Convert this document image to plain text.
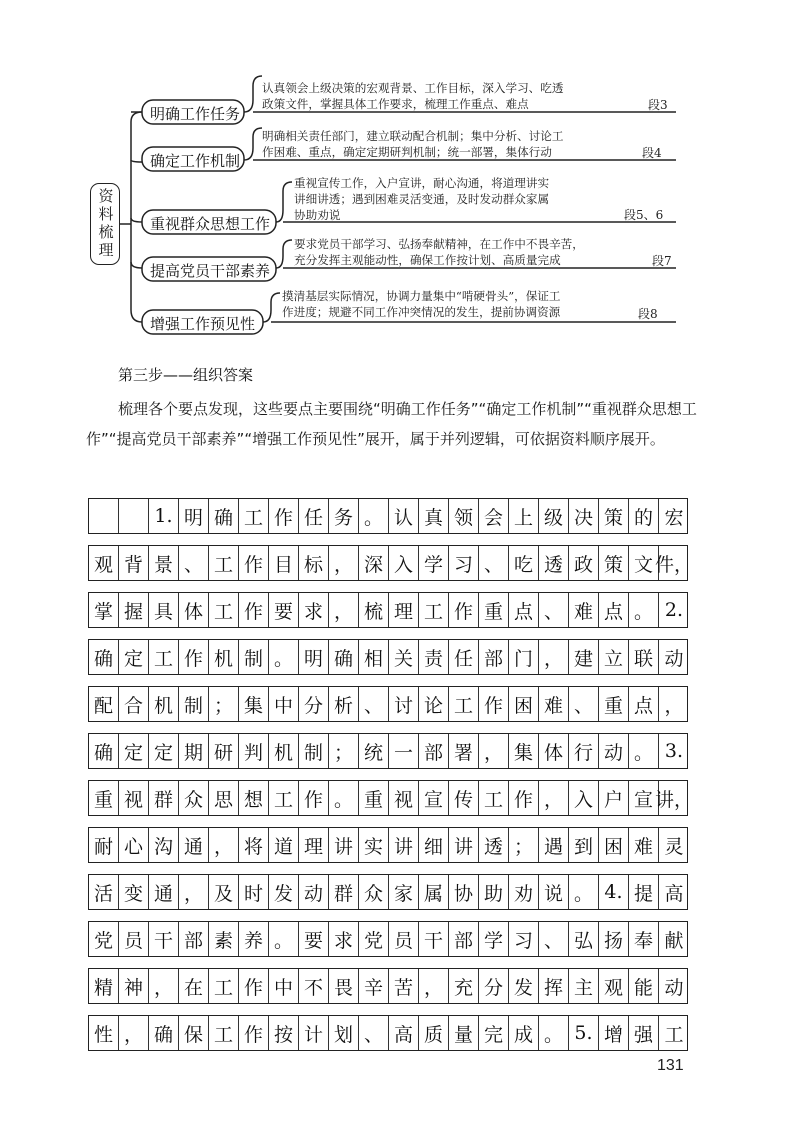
资
料
梳
理
明确工作任务
认真领会上级决策的宏观背景、工作目标，深入学习、吃透
政策文件，掌握具体工作要求，梳理工作重点、难点	段3
确定工作机制
明确相关责任部门，建立联动配合机制；集中分析、讨论工
作困难、重点，确定定期研判机制；统一部署，集体行动	段4
重视群众思想工作
重视宣传工作，入户宣讲，耐心沟通，将道理讲实
讲细讲透；遇到困难灵活变通，及时发动群众家属
协助劝说	段5、6
提高党员干部素养
要求党员干部学习、弘扬奉献精神，在工作中不畏辛苦，
充分发挥主观能动性，确保工作按计划、高质量完成	段7
增强工作预见性
摸清基层实际情况，协调力量集中“啃硬骨头”，保证工
作进度；规避不同工作冲突情况的发生，提前协调资源	段8
第三步——组织答案

梳理各个要点发现，这些要点主要围绕“明确工作任务”“确定工作机制”“重视群众思想工作”“提高党员干部素养”“增强工作预见性”展开，属于并列逻辑，可依据资料顺序展开。

1. 明 确 工 作 任 务 。 认 真 领 会 上 级 决 策 的 宏
观 背 景 、 工 作 目 标 ， 深 入 学 习 、 吃 透 政 策 文 件，
掌 握 具 体 工 作 要 求 ， 梳 理 工 作 重 点 、 难 点 。 2.
确 定 工 作 机 制 。 明 确 相 关 责 任 部 门 ， 建 立 联 动
配 合 机 制 ； 集 中 分 析 、 讨 论 工 作 困 难 、 重 点 ，
确 定 定 期 研 判 机 制 ； 统 一 部 署 ， 集 体 行 动 。 3.
重 视 群 众 思 想 工 作 。 重 视 宣 传 工 作 ， 入 户 宣 讲，
耐 心 沟 通 ， 将 道 理 讲 实 讲 细 讲 透 ； 遇 到 困 难 灵
活 变 通 ， 及 时 发 动 群 众 家 属 协 助 劝 说 。 4. 提 高
党 员 干 部 素 养 。 要 求 党 员 干 部 学 习 、 弘 扬 奉 献
精 神 ， 在 工 作 中 不 畏 辛 苦 ， 充 分 发 挥 主 观 能 动
性 ， 确 保 工 作 按 计 划 、 高 质 量 完 成 。 5. 增 强 工
131
